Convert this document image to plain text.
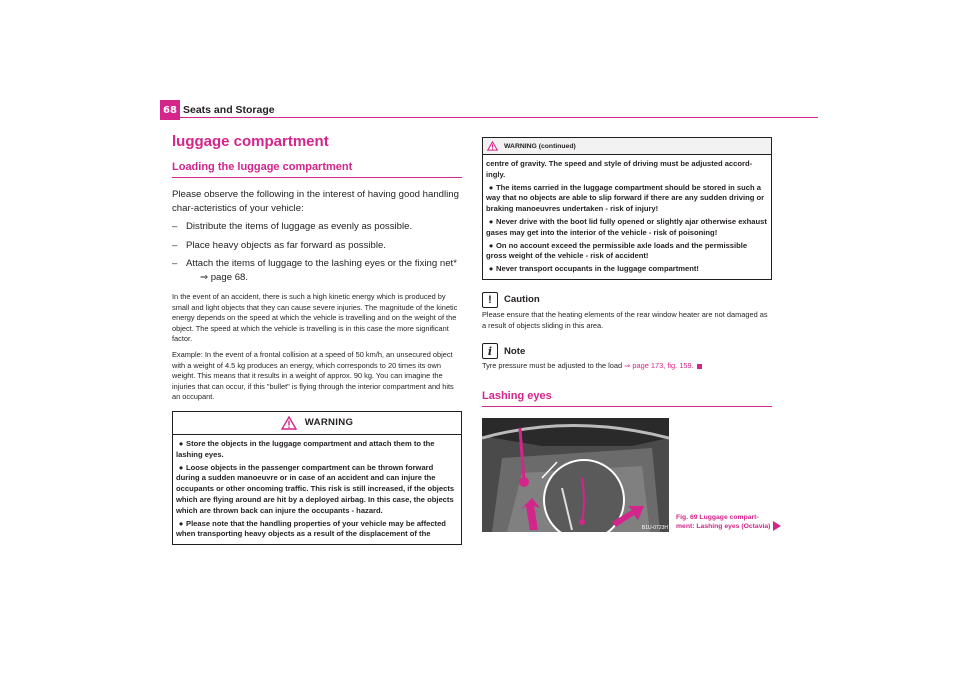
68 Seats and Storage
luggage compartment
Loading the luggage compartment

Please observe the following in the interest of having good handling char-acteristics of your vehicle:

– Distribute the items of luggage as evenly as possible.
– Place heavy objects as far forward as possible.
– Attach the items of luggage to the lashing eyes or the fixing net*
⇒ page 68.

In the event of an accident, there is such a high kinetic energy which is produced by small and light objects that they can cause severe injuries. The magnitude of the kinetic energy depends on the speed at which the vehicle is travelling and on the weight of the object. The speed at which the vehicle is travelling is in this case the more significant factor.

Example: In the event of a frontal collision at a speed of 50 km/h, an unsecured object with a weight of 4.5 kg produces an energy, which corresponds to 20 times its own weight. This means that it results in a weight of approx. 90 kg. You can imagine the injuries that can occur, if this "bullet" is flying through the interior compartment and hits an occupant.

WARNING

● Store the objects in the luggage compartment and attach them to the lashing eyes.

● Loose objects in the passenger compartment can be thrown forward during a sudden manoeuvre or in case of an accident and can injure the occupants or other oncoming traffic. This risk is still increased, if the objects which are flying around are hit by a deployed airbag. In this case, the objects which are thrown back can injure the occupants - hazard.

● Please note that the handling properties of your vehicle may be affected when transporting heavy objects as a result of the displacement of the

WARNING (continued)

centre of gravity. The speed and style of driving must be adjusted accord-ingly.

● The items carried in the luggage compartment should be stored in such a way that no objects are able to slip forward if there are any sudden driving or braking manoeuvres undertaken - risk of injury!

● Never drive with the boot lid fully opened or slightly ajar otherwise exhaust gases may get into the interior of the vehicle - risk of poisoning!

● On no account exceed the permissible axle loads and the permissible gross weight of the vehicle - risk of accident!

● Never transport occupants in the luggage compartment!

!	Caution

Please ensure that the heating elements of the rear window heater are not damaged as a result of objects sliding in this area.

i	Note

Tyre pressure must be adjusted to the load ⇒ page 173, fig. 159.

Lashing eyes
B1U-0723H
Fig. 69 Luggage compart-ment: Lashing eyes (Octavia)
